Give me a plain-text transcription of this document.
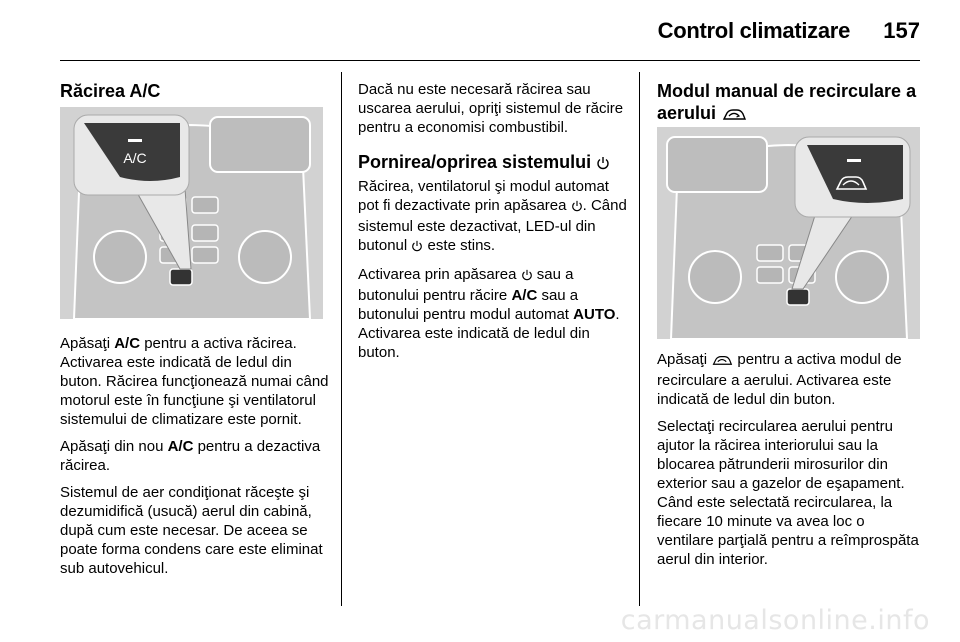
Control climatizare 157
Răcirea A/C
A/C

Apăsaţi A/C pentru a activa răcirea. Activarea este indicată de ledul din buton. Răcirea funcţionează numai când motorul este în funcţiune şi ventilatorul sistemului de climatizare este pornit.

Apăsaţi din nou A/C pentru a dezactiva răcirea.

Sistemul de aer condiţionat răceşte şi dezumidifică (usucă) aerul din cabină, după cum este necesar. De aceea se poate forma condens care este eliminat sub autovehicul.

Dacă nu este necesară răcirea sau uscarea aerului, opriţi sistemul de răcire pentru a economisi combustibil.

Pornirea/oprirea sistemului

Răcirea, ventilatorul şi modul automat pot fi dezactivate prin apăsarea . Când sistemul este dezactivat, LED-ul din butonul  este stins.

Activarea prin apăsarea  sau a butonului pentru răcire A/C sau a butonului pentru modul automat AUTO. Activarea este indicată de ledul din buton.

Modul manual de recirculare a aerului

Apăsaţi  pentru a activa modul de recirculare a aerului. Activarea este indicată de ledul din buton.

Selectaţi recircularea aerului pentru ajutor la răcirea interiorului sau la blocarea pătrunderii mirosurilor din exterior sau a gazelor de eşapament. Când este selectată recircularea, la fiecare 10 minute va avea loc o ventilare parţială pentru a reîmprospăta aerul din interior.

carmanualsonline.info
